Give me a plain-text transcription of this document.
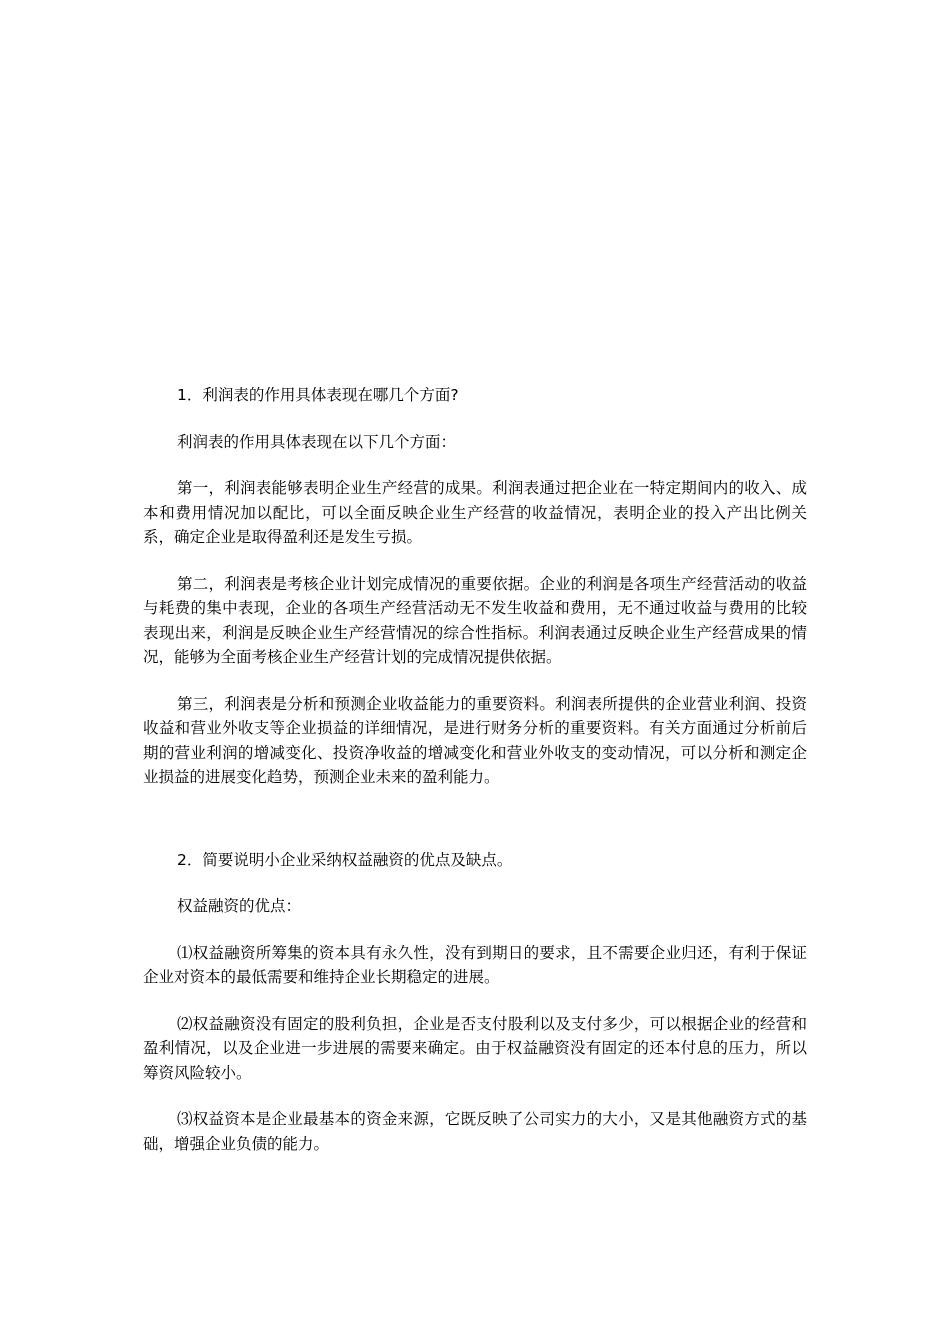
1．利润表的作用具体表现在哪几个方面?

利润表的作用具体表现在以下几个方面：

第一，利润表能够表明企业生产经营的成果。利润表通过把企业在一特定期间内的收入、成本和费用情况加以配比，可以全面反映企业生产经营的收益情况，表明企业的投入产出比例关系，确定企业是取得盈利还是发生亏损。

第二，利润表是考核企业计划完成情况的重要依据。企业的利润是各项生产经营活动的收益与耗费的集中表现，企业的各项生产经营活动无不发生收益和费用，无不通过收益与费用的比较表现出来，利润是反映企业生产经营情况的综合性指标。利润表通过反映企业生产经营成果的情况，能够为全面考核企业生产经营计划的完成情况提供依据。

第三，利润表是分析和预测企业收益能力的重要资料。利润表所提供的企业营业利润、投资收益和营业外收支等企业损益的详细情况，是进行财务分析的重要资料。有关方面通过分析前后期的营业利润的增减变化、投资净收益的增减变化和营业外收支的变动情况，可以分析和测定企业损益的进展变化趋势，预测企业未来的盈利能力。

2．简要说明小企业采纳权益融资的优点及缺点。

权益融资的优点：

⑴权益融资所筹集的资本具有永久性，没有到期日的要求，且不需要企业归还，有利于保证企业对资本的最低需要和维持企业长期稳定的进展。

⑵权益融资没有固定的股利负担，企业是否支付股利以及支付多少，可以根据企业的经营和盈利情况，以及企业进一步进展的需要来确定。由于权益融资没有固定的还本付息的压力，所以筹资风险较小。

⑶权益资本是企业最基本的资金来源，它既反映了公司实力的大小，又是其他融资方式的基础，增强企业负债的能力。
